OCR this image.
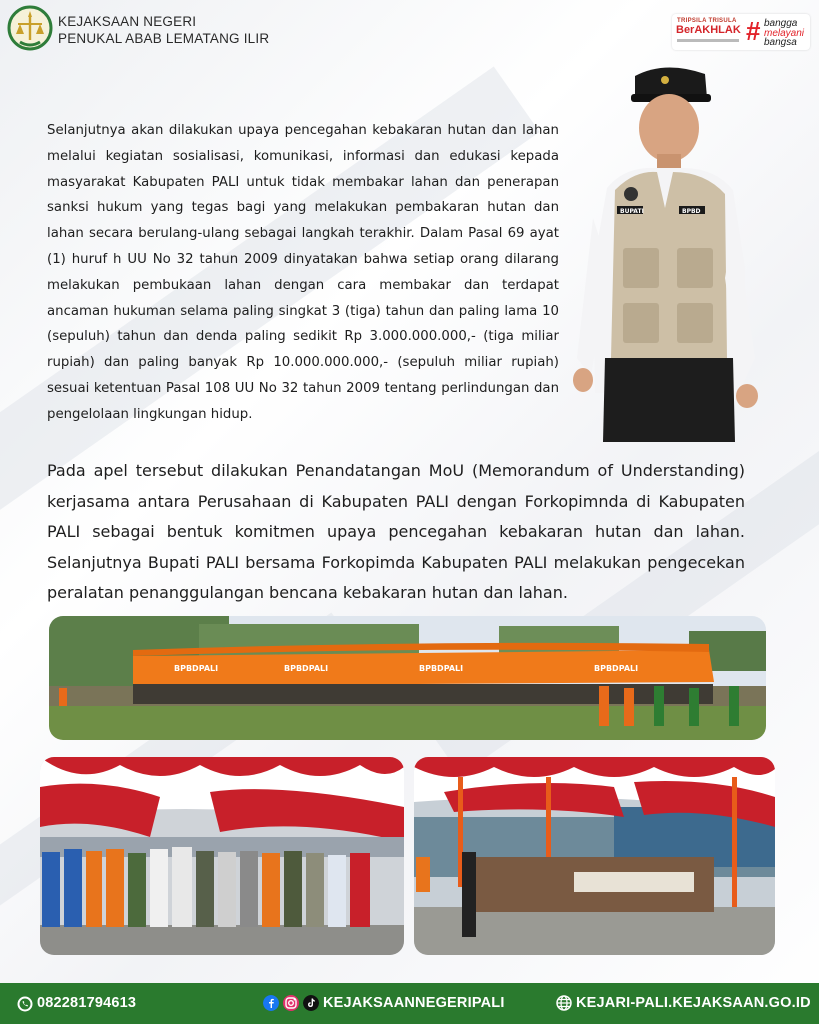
KEJAKSAAN NEGERI
PENUKAL ABAB LEMATANG ILIR
TRIPSILA TRISULA
BerAKHLAK # bangga
melayani
bangsa
Selanjutnya akan dilakukan upaya pencegahan kebakaran hutan dan lahan melalui kegiatan sosialisasi, komunikasi, informasi dan edukasi kepada masyarakat Kabupaten PALI untuk tidak membakar lahan dan penerapan sanksi hukum yang tegas bagi yang melakukan pembakaran hutan dan lahan secara berulang-ulang sebagai langkah terakhir. Dalam Pasal 69 ayat (1) huruf h UU No 32 tahun 2009 dinyatakan bahwa setiap orang dilarang melakukan pembukaan lahan dengan cara membakar dan terdapat ancaman hukuman selama paling singkat 3 (tiga) tahun dan paling lama 10 (sepuluh) tahun dan denda paling sedikit Rp 3.000.000.000,- (tiga miliar rupiah) dan paling banyak Rp 10.000.000.000,- (sepuluh miliar rupiah) sesuai ketentuan Pasal 108 UU No 32 tahun 2009 tentang perlindungan dan pengelolaan lingkungan hidup.
BUPATI	BPBD
Pada apel tersebut dilakukan Penandatangan MoU (Memorandum of Understanding) kerjasama antara Perusahaan di Kabupaten PALI dengan Forkopimnda di Kabupaten PALI sebagai bentuk komitmen upaya pencegahan kebakaran hutan dan lahan. Selanjutnya Bupati PALI bersama Forkopimda Kabupaten PALI melakukan pengecekan peralatan penanggulangan bencana kebakaran hutan dan lahan.
BPBDPALI	BPBDPALI	BPBDPALI	BPBDPALI
082281794613	KEJAKSAANNEGERIPALI	KEJARI-PALI.KEJAKSAAN.GO.ID
